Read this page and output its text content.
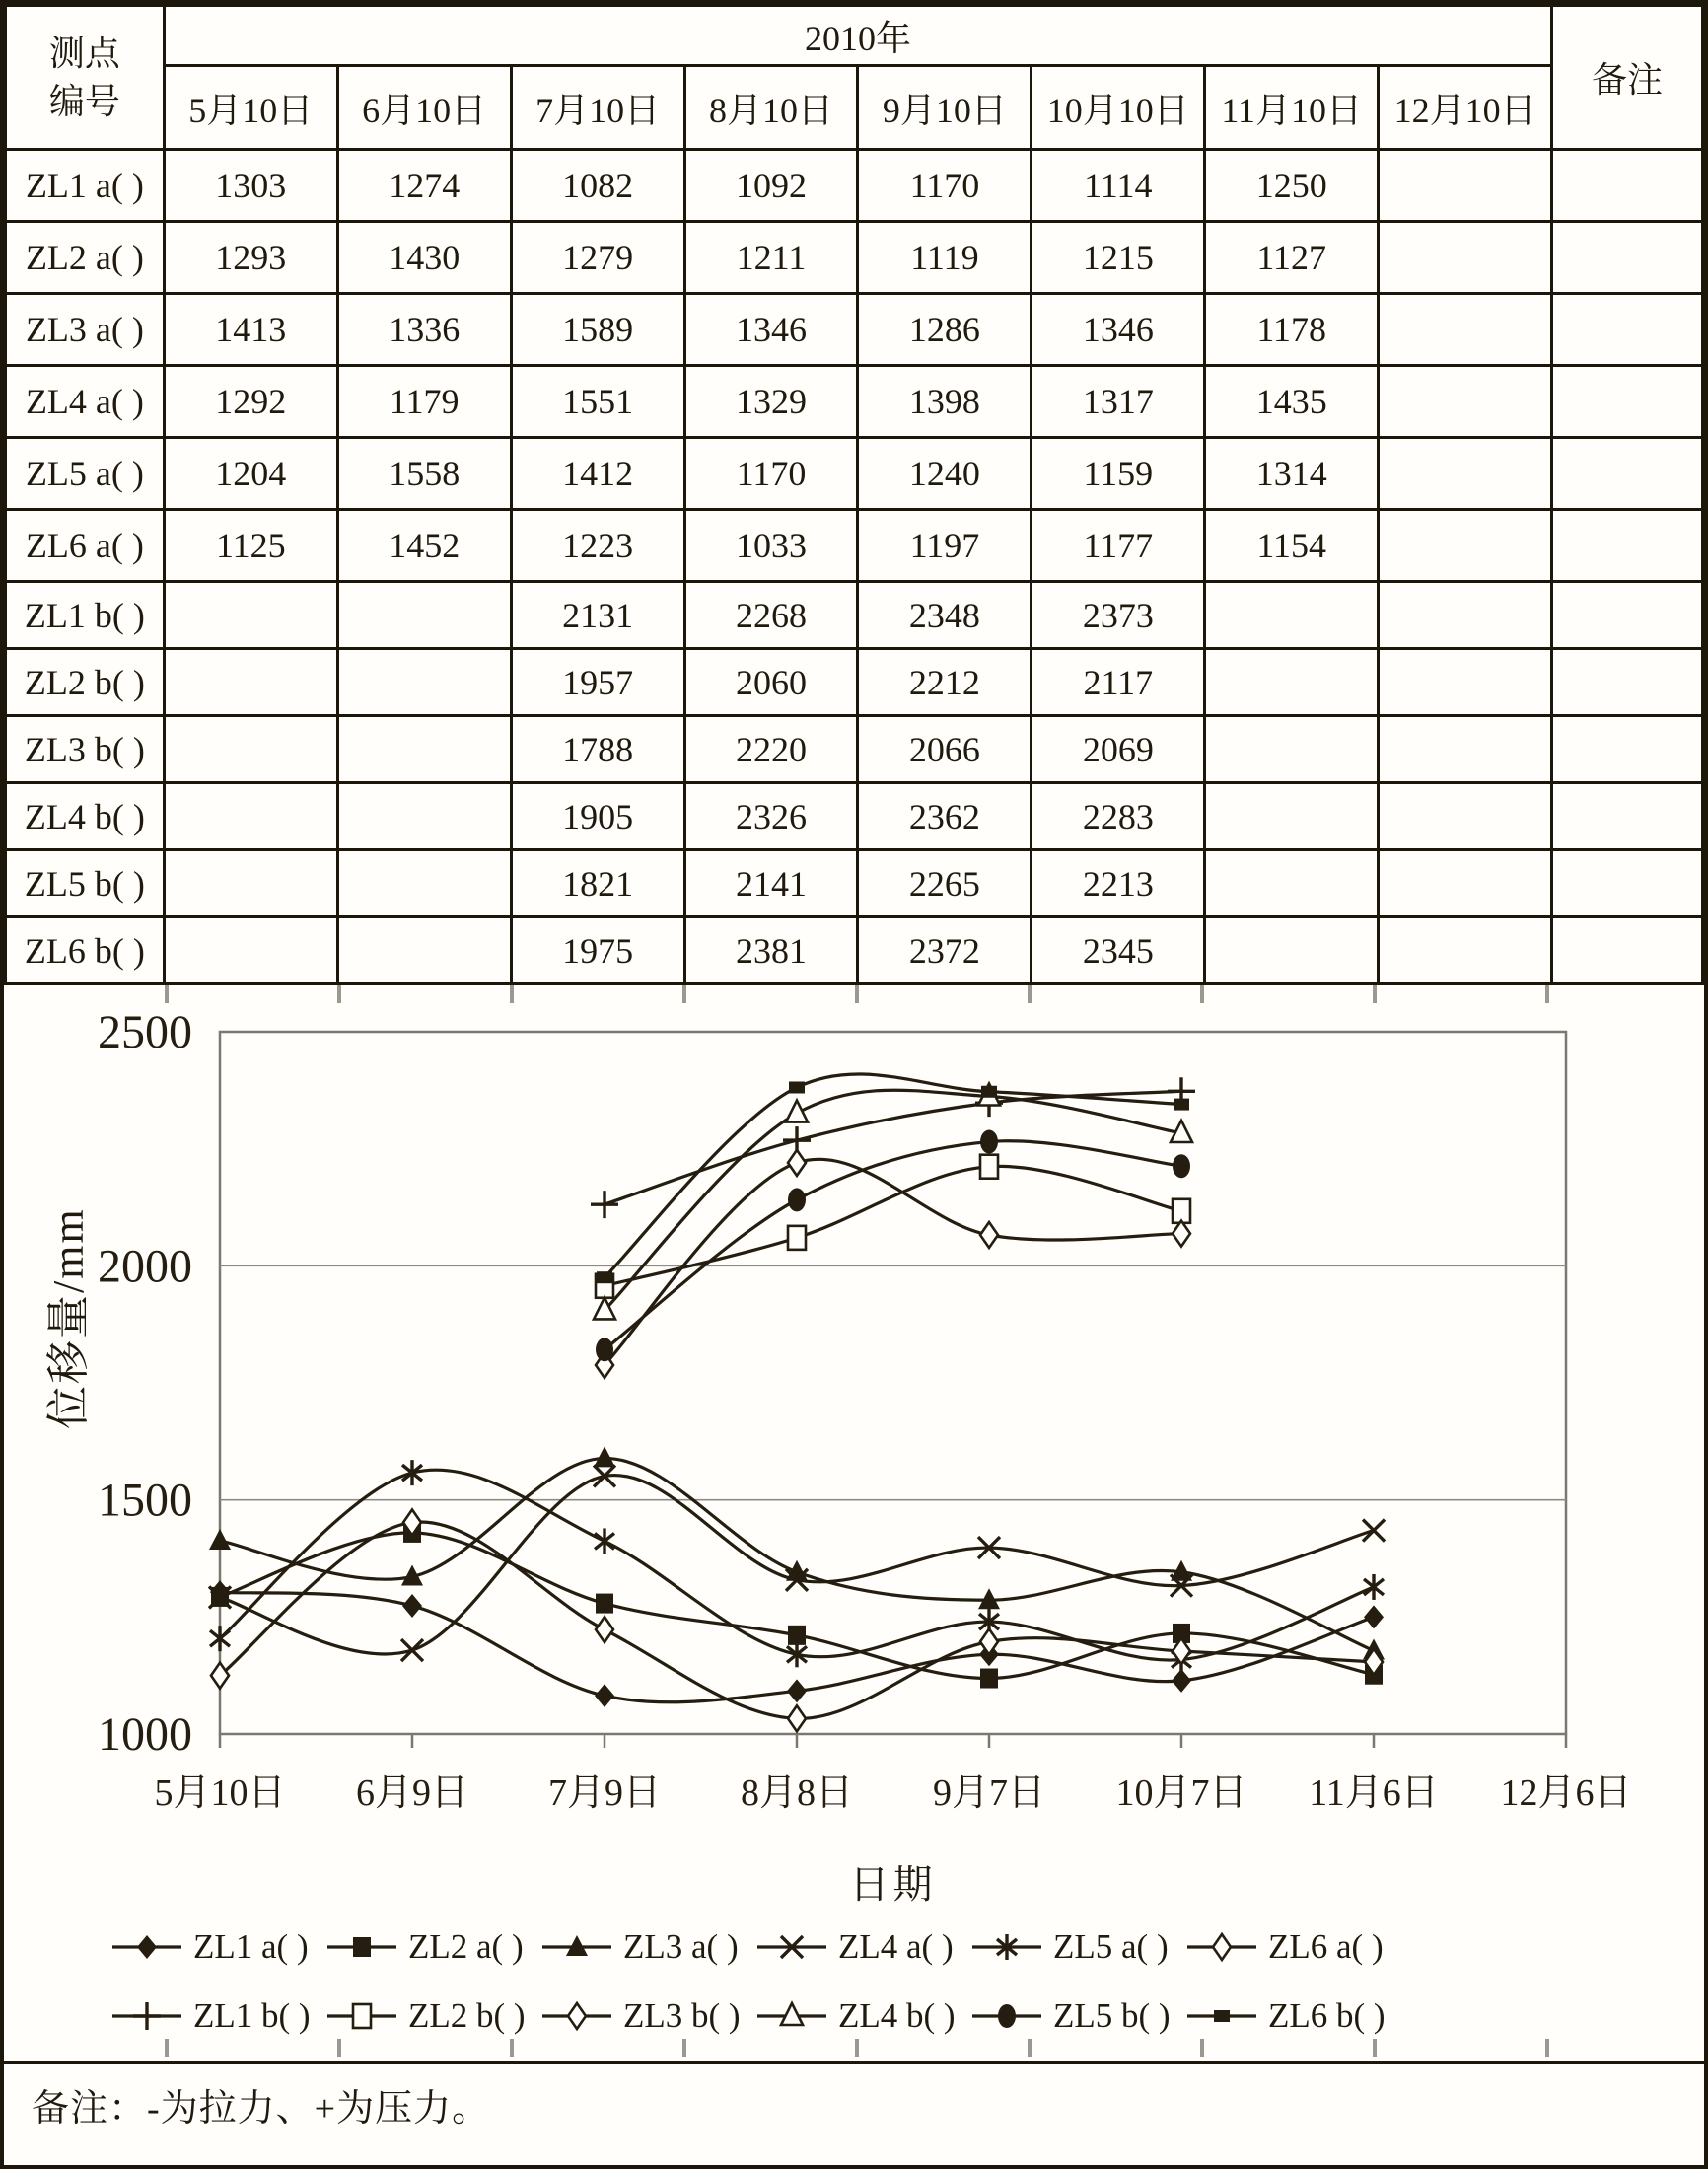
测点
编号	2010年								备注
	5月10日	6月10日	7月10日	8月10日	9月10日	10月10日	11月10日	12月10日	
ZL1 a( )	1303	1274	1082	1092	1170	1114	1250		
ZL2 a( )	1293	1430	1279	1211	1119	1215	1127		
ZL3 a( )	1413	1336	1589	1346	1286	1346	1178		
ZL4 a( )	1292	1179	1551	1329	1398	1317	1435		
ZL5 a( )	1204	1558	1412	1170	1240	1159	1314		
ZL6 a( )	1125	1452	1223	1033	1197	1177	1154		
ZL1 b( )			2131	2268	2348	2373			
ZL2 b( )			1957	2060	2212	2117			
ZL3 b( )			1788	2220	2066	2069			
ZL4 b( )			1905	2326	2362	2283			
ZL5 b( )			1821	2141	2265	2213			
ZL6 b( )			1975	2381	2372	2345			
1000
1500
2000
2500
5月10日 6月9日 7月9日 8月8日 9月7日 10月7日 11月6日 12月6日
位移量/mm
日期
ZL1 a( )	ZL2 a( )	ZL3 a( )	ZL4 a( )	ZL5 a( )	ZL6 a( )
ZL1 b( )	ZL2 b( )	ZL3 b( )	ZL4 b( )	ZL5 b( )	ZL6 b( )
备注：-为拉力、+为压力。
